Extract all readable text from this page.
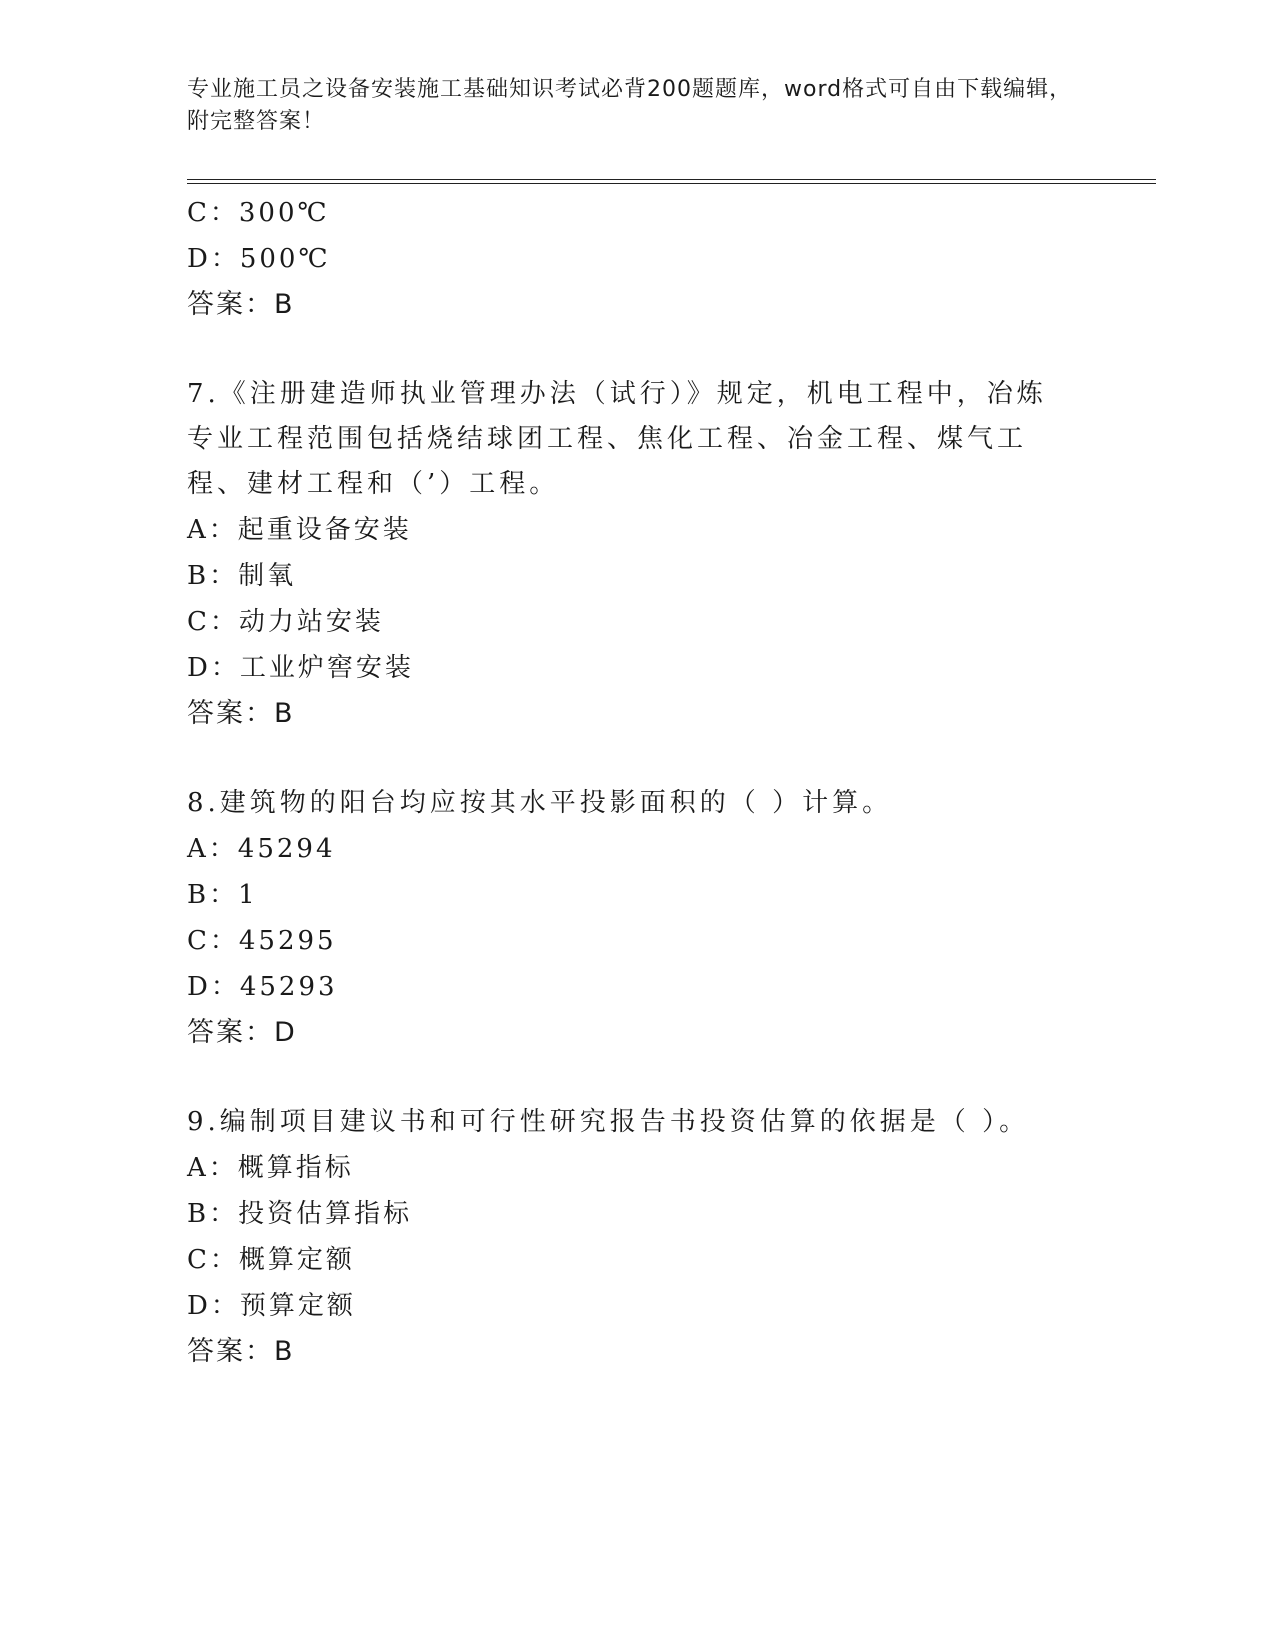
专业施工员之设备安装施工基础知识考试必背200题题库，word格式可自由下载编辑，附完整答案！
C：300℃
D：500℃
答案：B
7.《注册建造师执业管理办法（试行）》规定，机电工程中，冶炼专业工程范围包括烧结球团工程、焦化工程、冶金工程、煤气工程、建材工程和（’）工程。
A：起重设备安装
B：制氧
C：动力站安装
D：工业炉窖安装
答案：B
8.建筑物的阳台均应按其水平投影面积的（ ）计算。
A：45294
B：1
C：45295
D：45293
答案：D
9.编制项目建议书和可行性研究报告书投资估算的依据是（ ）。
A：概算指标
B：投资估算指标
C：概算定额
D：预算定额
答案：B
